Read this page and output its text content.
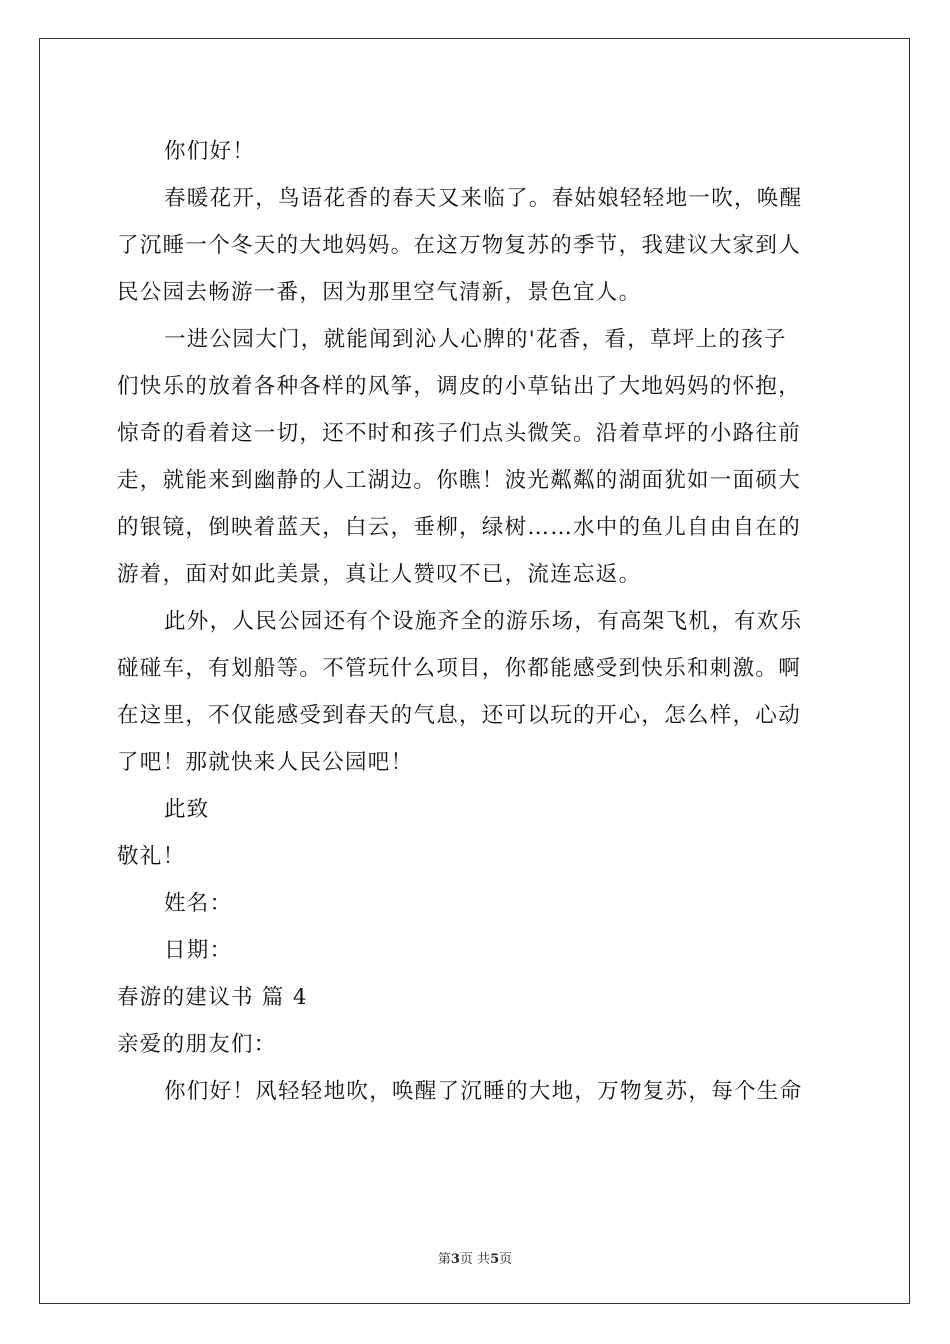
你们好！
春暖花开，鸟语花香的春天又来临了。春姑娘轻轻地一吹，唤醒
了沉睡一个冬天的大地妈妈。在这万物复苏的季节，我建议大家到人
民公园去畅游一番，因为那里空气清新，景色宜人。
一进公园大门，就能闻到沁人心脾的'花香，看，草坪上的孩子
们快乐的放着各种各样的风筝，调皮的小草钻出了大地妈妈的怀抱，
惊奇的看着这一切，还不时和孩子们点头微笑。沿着草坪的小路往前
走，就能来到幽静的人工湖边。你瞧！波光粼粼的湖面犹如一面硕大
的银镜，倒映着蓝天，白云，垂柳，绿树……水中的鱼儿自由自在的
游着，面对如此美景，真让人赞叹不已，流连忘返。
此外，人民公园还有个设施齐全的游乐场，有高架飞机，有欢乐
碰碰车，有划船等。不管玩什么项目，你都能感受到快乐和刺激。啊
在这里，不仅能感受到春天的气息，还可以玩的开心，怎么样，心动
了吧！那就快来人民公园吧！
此致
敬礼！
姓名：
日期：
春游的建议书 篇 4
亲爱的朋友们：
你们好！风轻轻地吹，唤醒了沉睡的大地，万物复苏，每个生命
第3页 共5页
